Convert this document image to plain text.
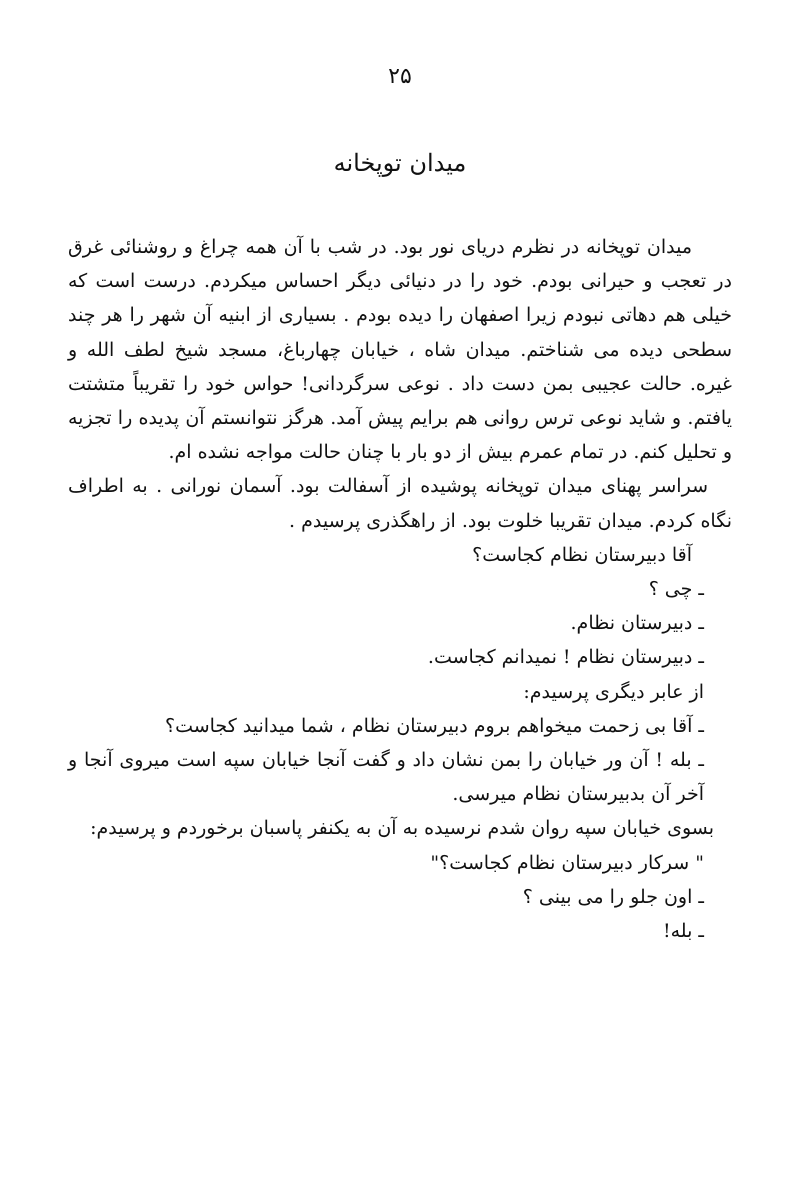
۲۵
میدان توپخانه

میدان توپخانه در نظرم دریای نور بود. در شب با آن همه چراغ و روشنائی غرق در تعجب و حیرانی بودم. خود را در دنیائی دیگر احساس میکردم. درست است که خیلی هم دهاتی نبودم زیرا اصفهان را دیده بودم . بسیاری از ابنیه آن شهر را هر چند سطحی دیده می شناختم. میدان شاه ، خیابان چهارباغ، مسجد شیخ لطف الله و غیره. حالت عجیبی بمن دست داد . نوعی سرگردانی! حواس خود را تقریباً متشتت یافتم. و شاید نوعی ترس روانی هم برایم پیش آمد. هرگز نتوانستم آن پدیده را تجزیه و تحلیل کنم. در تمام عمرم بیش از دو بار با چنان حالت مواجه نشده ام.

سراسر پهنای میدان توپخانه پوشیده از آسفالت بود. آسمان نورانی . به اطراف نگاه کردم. میدان تقریبا خلوت بود. از راهگذری پرسیدم .

آقا دبیرستان نظام کجاست؟

ـ چی ؟

ـ دبیرستان نظام.

ـ دبیرستان نظام ! نمیدانم کجاست.

از عابر دیگری پرسیدم:

ـ آقا بی زحمت میخواهم بروم دبیرستان نظام ، شما میدانید کجاست؟

ـ بله ! آن ور خیابان را بمن نشان داد و گفت آنجا خیابان سپه است میروی آنجا و آخر آن بدبیرستان نظام میرسی.

بسوی خیابان سپه روان شدم نرسیده به آن به یکنفر پاسبان برخوردم و پرسیدم:

" سرکار دبیرستان نظام کجاست؟"

ـ اون جلو را می بینی ؟

ـ بله!
